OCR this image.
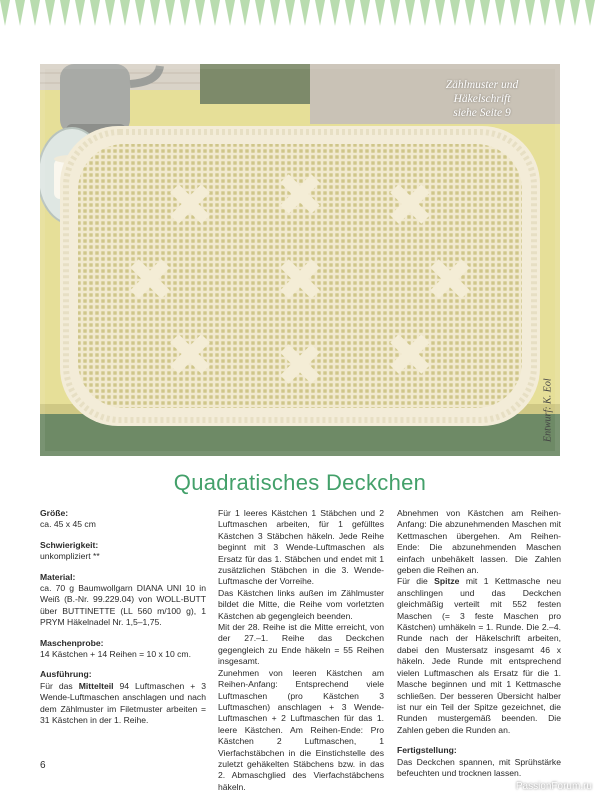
Zählmuster und
Häkelschrift
siehe Seite 9
Entwurf: K. Eol
Quadratisches Deckchen

Größe:

ca. 45 x 45 cm

Schwierigkeit:

unkompliziert **

Material:

ca. 70 g Baumwollgarn DIANA UNI 10 in Weiß (B.-Nr. 99.229.04) von WOLL-BUTT über BUTTINETTE (LL 560 m/100 g), 1 PRYM Häkelnadel Nr. 1,5–1,75.

Maschenprobe:

14 Kästchen + 14 Reihen = 10 x 10 cm.

Ausführung:

Für das Mittelteil 94 Luftmaschen + 3 Wende-Luftmaschen anschlagen und nach dem Zählmuster im Filetmuster arbeiten = 31 Kästchen in der 1. Reihe.

Für 1 leeres Kästchen 1 Stäbchen und 2 Luftmaschen arbeiten, für 1 gefülltes Kästchen 3 Stäbchen häkeln. Jede Reihe beginnt mit 3 Wende-Luftmaschen als Ersatz für das 1. Stäbchen und endet mit 1 zusätzlichen Stäbchen in die 3. Wende-Luftmasche der Vorreihe.

Das Kästchen links außen im Zählmuster bildet die Mitte, die Reihe vom vorletzten Kästchen ab gegengleich beenden.

Mit der 28. Reihe ist die Mitte erreicht, von der 27.–1. Reihe das Deckchen gegengleich zu Ende häkeln = 55 Reihen insgesamt.

Zunehmen von leeren Kästchen am Reihen-Anfang: Entsprechend viele Luftmaschen (pro Kästchen 3 Luftmaschen) anschlagen + 3 Wende-Luftmaschen + 2 Luftmaschen für das 1. leere Kästchen. Am Reihen-Ende: Pro Kästchen 2 Luftmaschen, 1 Vierfachstäbchen in die Einstichstelle des zuletzt gehäkelten Stäbchens bzw. in das 2. Abmaschglied des Vierfachstäbchens häkeln.

Abnehmen von Kästchen am Reihen-Anfang: Die abzunehmenden Maschen mit Kettmaschen übergehen. Am Reihen-Ende: Die abzunehmenden Maschen einfach unbehäkelt lassen. Die Zahlen geben die Reihen an.

Für die Spitze mit 1 Kettmasche neu anschlingen und das Deckchen gleichmäßig verteilt mit 552 festen Maschen (= 3 feste Maschen pro Kästchen) umhäkeln = 1. Runde. Die 2.–4. Runde nach der Häkelschrift arbeiten, dabei den Mustersatz insgesamt 46 x häkeln. Jede Runde mit entsprechend vielen Luftmaschen als Ersatz für die 1. Masche beginnen und mit 1 Kettmasche schließen. Der besseren Übersicht halber ist nur ein Teil der Spitze gezeichnet, die Runden mustergemäß beenden. Die Zahlen geben die Runden an.

Fertigstellung:

Das Deckchen spannen, mit Sprühstärke befeuchten und trocknen lassen.

6
PassionForum.ru
